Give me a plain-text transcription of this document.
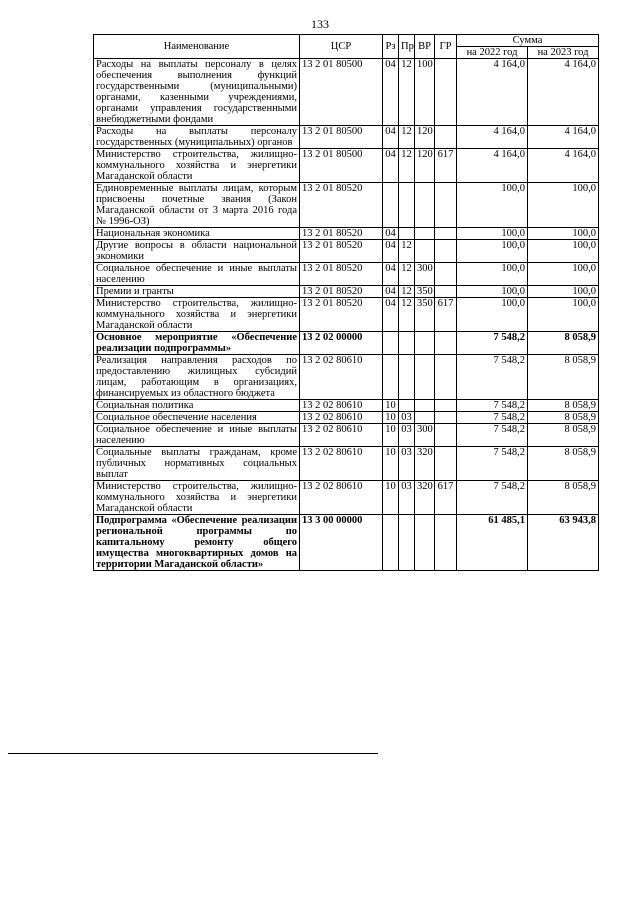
133
Наименование	ЦСР	Рз	Пр	ВР	ГР	Сумма	
						на 2022 год	на 2023 год
Расходы на выплаты персоналу в целях обеспечения выполнения функций государственными (муниципальными) органами, казенными учреждениями, органами управления государственными внебюджетными фондами	13 2 01 80500	04	12	100		4 164,0	4 164,0
Расходы на выплаты персоналу государственных (муниципальных) органов	13 2 01 80500	04	12	120		4 164,0	4 164,0
Министерство строительства, жилищно-коммунального хозяйства и энергетики Магаданской области	13 2 01 80500	04	12	120	617	4 164,0	4 164,0
Единовременные выплаты лицам, которым присвоены почетные звания (Закон Магаданской области от 3 марта 2016 года № 1996-ОЗ)	13 2 01 80520					100,0	100,0
Национальная экономика	13 2 01 80520	04				100,0	100,0
Другие вопросы в области национальной экономики	13 2 01 80520	04	12			100,0	100,0
Социальное обеспечение и иные выплаты населению	13 2 01 80520	04	12	300		100,0	100,0
Премии и гранты	13 2 01 80520	04	12	350		100,0	100,0
Министерство строительства, жилищно-коммунального хозяйства и энергетики Магаданской области	13 2 01 80520	04	12	350	617	100,0	100,0
Основное мероприятие «Обеспечение реализации подпрограммы»	13 2 02 00000					7 548,2	8 058,9
Реализация направления расходов по предоставлению жилищных субсидий лицам, работающим в организациях, финансируемых из областного бюджета	13 2 02 80610					7 548,2	8 058,9
Социальная политика	13 2 02 80610	10				7 548,2	8 058,9
Социальное обеспечение населения	13 2 02 80610	10	03			7 548,2	8 058,9
Социальное обеспечение и иные выплаты населению	13 2 02 80610	10	03	300		7 548,2	8 058,9
Социальные выплаты гражданам, кроме публичных нормативных социальных выплат	13 2 02 80610	10	03	320		7 548,2	8 058,9
Министерство строительства, жилищно-коммунального хозяйства и энергетики Магаданской области	13 2 02 80610	10	03	320	617	7 548,2	8 058,9
Подпрограмма «Обеспечение реализации региональной программы по капитальному ремонту общего имущества многоквартирных домов на территории Магаданской области»	13 3 00 00000					61 485,1	63 943,8
